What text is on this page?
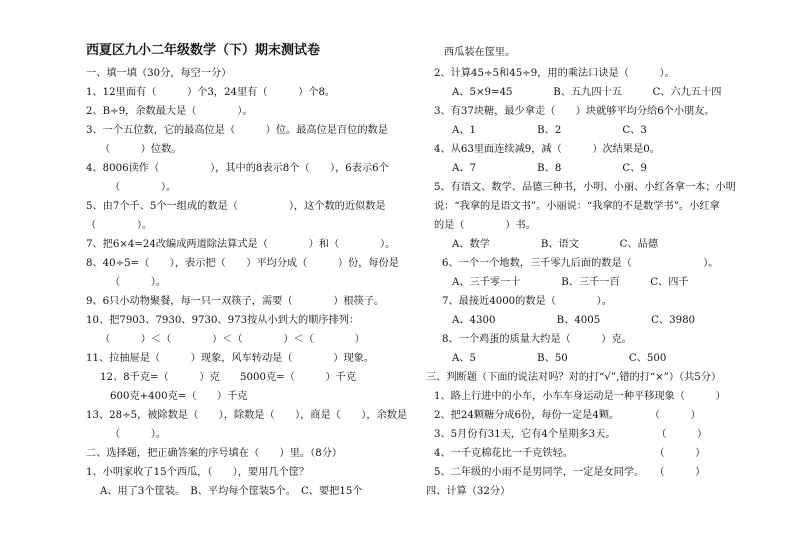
西夏区九小二年级数学（下）期末测试卷
一、填一填（30分，每空一分）
1、12里面有（　　　）个3，24里有（　　　）个8。
2、B÷9，余数最大是（　　　　）。
3、一个五位数，它的最高位是（　　　）位。最高位是百位的数是
（　　　）位数。
4、8006读作（　　　　　），其中的8表示8个（　　），6表示6个
（　　　　）。
5、由7个千、5个一组成的数是（　　　　　），这个数的近似数是
（　　　　）。
7、把6×4=24改编成两道除法算式是（　　　　）和（　　　　）。
8、40÷5=（　　），表示把（　　）平均分成（　　　）份，每份是
（　　　）。
9、6只小动物聚餐，每一只一双筷子，需要（　　　　）根筷子。
10、把7903、7930、9730、973按从小到大的顺序排列：
（　　　）＜（　　　　）＜（　　　　）＜（　　　　）
11、拉抽屉是（　　　）现象，风车转动是（　　　　）现象。
12、8千克=（　　　）克　　5000克=（　　　）千克
600克+400克=（　　）千克
13、28÷5，被除数是（　　），除数是（　　），商是（　　），余数是
（　　　）。
二、选择题，把正确答案的序号填在（　　）里。（8分）
1、小明家收了15个西瓜，（　　），要用几个筐？
A、用了3个筐装。　B、平均每个筐装5个。　C、要把15个
西瓜装在筐里。
2、计算45÷5和45÷9，用的乘法口诀是（　　　）。
A、5×9=45　　　　B、五九四十五　　　C、六九五十四
3、有37块糖，最少拿走（　　）块就够平均分给6个小朋友。
A、1　　　　　　B、2　　　　　　C、3
4、从63里面连续减9，减（　　　）次结果是0。
A、7　　　　　　B、8　　　　　　C、9
5、有语文、数学、品德三种书，小明、小丽、小红各拿一本；小明
说：“我拿的是语文书”。小丽说：“我拿的不是数学书”。小红拿
的是（　　　　）书。
A、数学　　　　　B、语文　　　　C、品德
6、一个一个地数，三千零九后面的数是（　　　　　　　）。
A、三千零一十　　　　B、三千一百　　　C、四千
7、最接近4000的数是（　　　　）。
A、4300　　　　　　B、4005　　　　　C、3980
8、一个鸡蛋的质量大约是（　　　）克。
A、5　　　　　　B、50　　　　　　C、500
三、判断题（下面的说法对吗？对的打“√”,错的打“×”）（共5分）
1、路上行进中的小车，小车车身运动是一种平移现象（　　　）
2、把24颗糖分成6份，每份一定是4颗。　　　　（　　　）
3、5月份有31天，它有4个星期多3天。　　　　　（　　　）
4、一千克棉花比一千克铁轻。　　　　　　　　　（　　　）
5、二年级的小雨不是男同学，一定是女同学。　　（　　　）
四、计算（32分）
